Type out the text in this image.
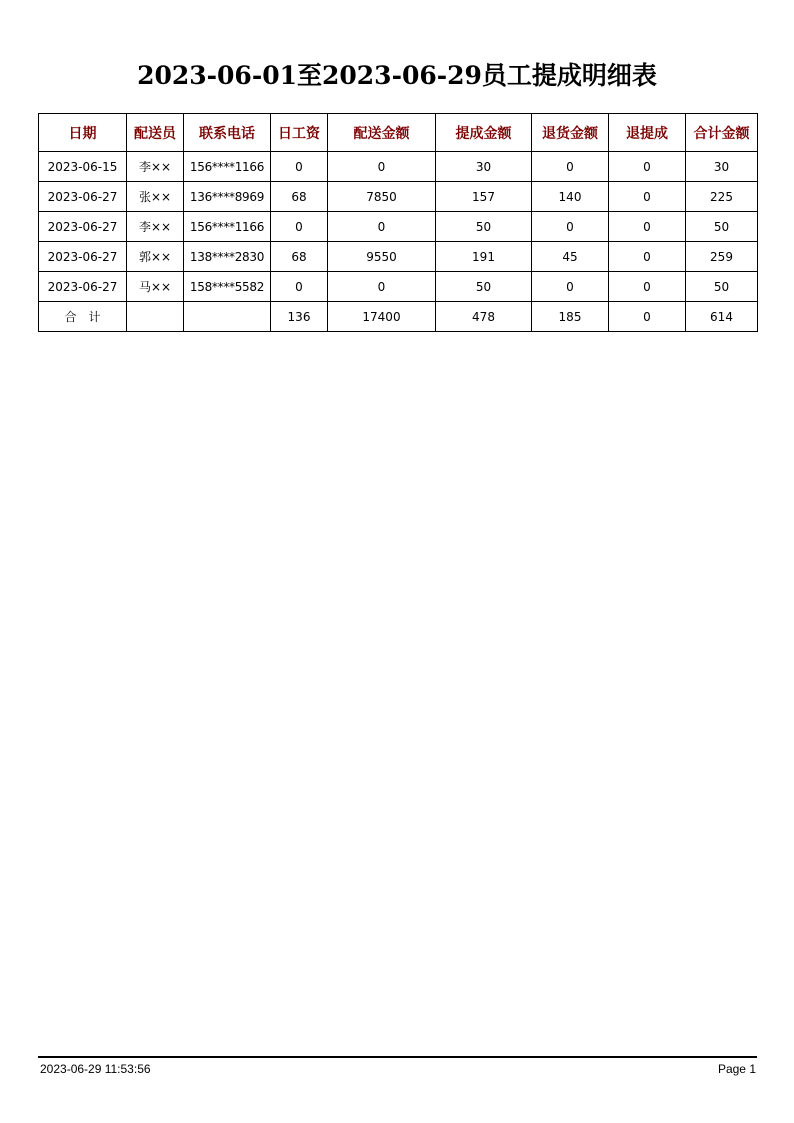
2023-06-01至2023-06-29员工提成明细表
日期	配送员	联系电话	日工资	配送金额	提成金额	退货金额	退提成	合计金额
2023-06-15	李××	156****1166	0	0	30	0	0	30
2023-06-27	张××	136****8969	68	7850	157	140	0	225
2023-06-27	李××	156****1166	0	0	50	0	0	50
2023-06-27	郭××	138****2830	68	9550	191	45	0	259
2023-06-27	马××	158****5582	0	0	50	0	0	50
合　计			136	17400	478	185	0	614
2023-06-29 11:53:56	Page 1
